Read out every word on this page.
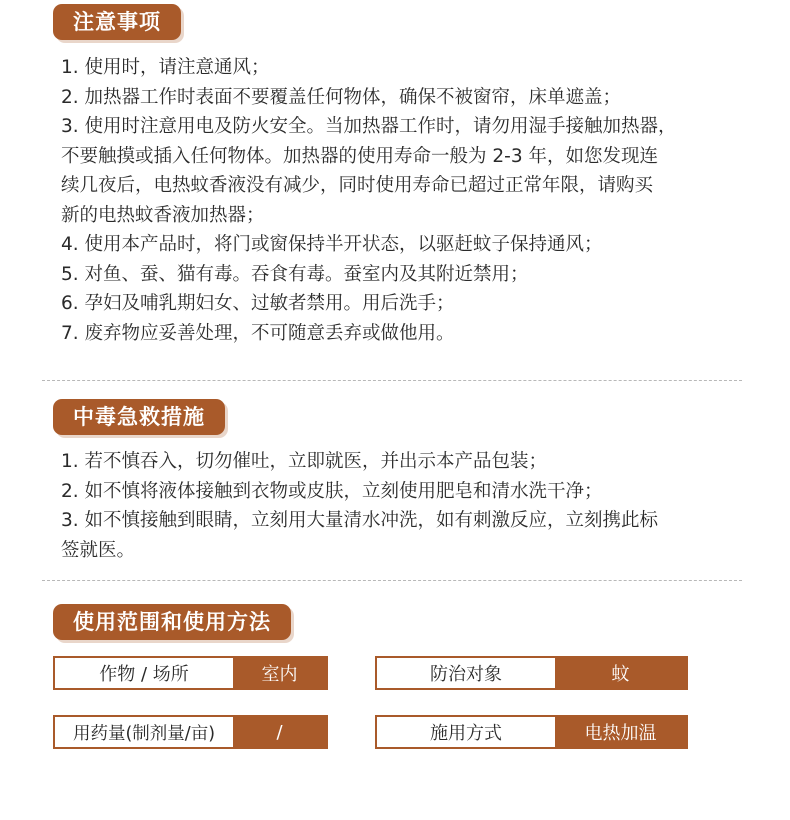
注意事项
1. 使用时，请注意通风；
2. 加热器工作时表面不要覆盖任何物体，确保不被窗帘，床单遮盖；
3. 使用时注意用电及防火安全。当加热器工作时，请勿用湿手接触加热器，
不要触摸或插入任何物体。加热器的使用寿命一般为 2-3 年，如您发现连
续几夜后，电热蚊香液没有减少，同时使用寿命已超过正常年限，请购买
新的电热蚊香液加热器；
4. 使用本产品时，将门或窗保持半开状态，以驱赶蚊子保持通风；
5. 对鱼、蚕、猫有毒。吞食有毒。蚕室内及其附近禁用；
6. 孕妇及哺乳期妇女、过敏者禁用。用后洗手；
7. 废弃物应妥善处理，不可随意丢弃或做他用。
中毒急救措施
1. 若不慎吞入，切勿催吐，立即就医，并出示本产品包装；
2. 如不慎将液体接触到衣物或皮肤，立刻使用肥皂和清水洗干净；
3. 如不慎接触到眼睛，立刻用大量清水冲洗，如有刺激反应，立刻携此标
签就医。
使用范围和使用方法
作物 / 场所	室内	防治对象	蚊
用药量(制剂量/亩)	/	施用方式	电热加温
